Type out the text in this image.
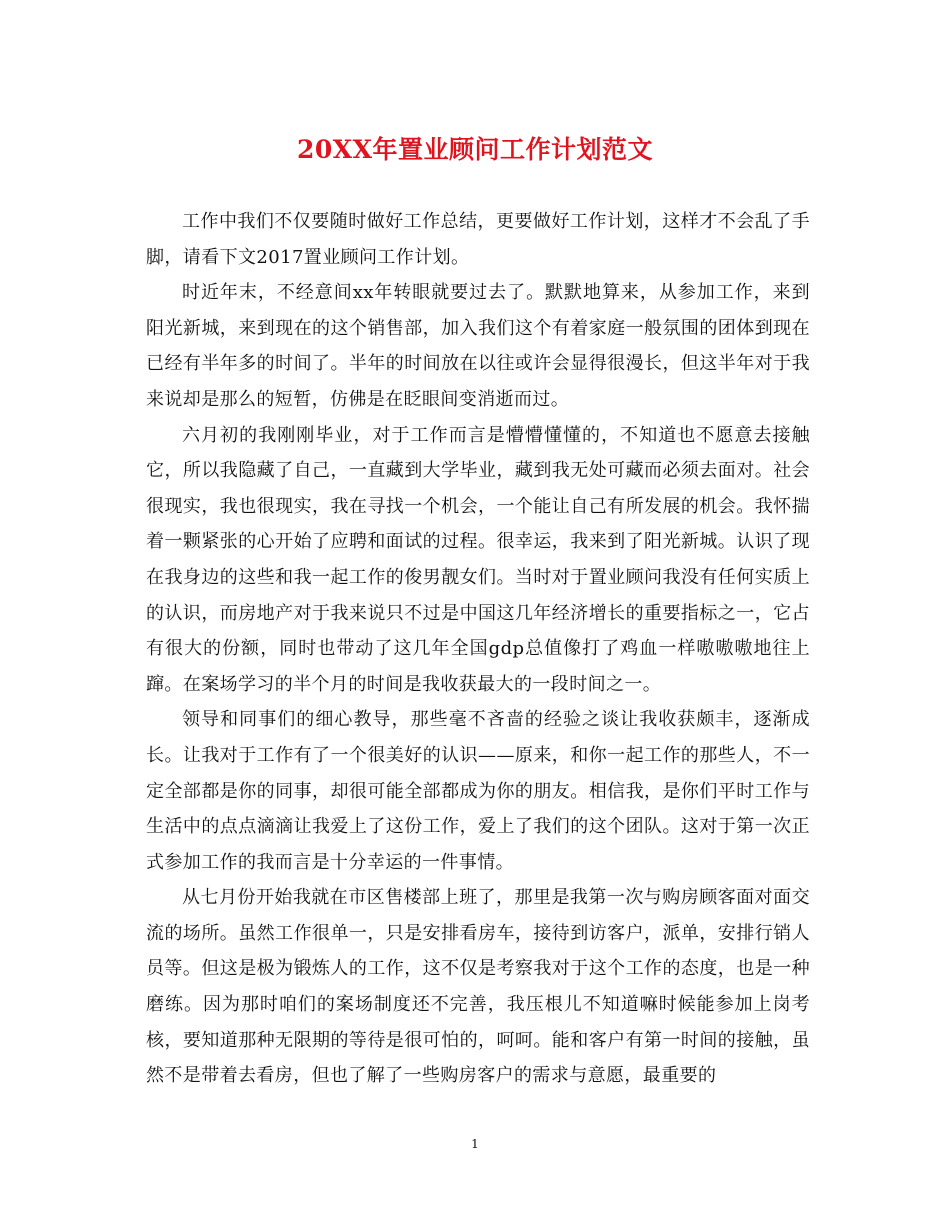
20XX年置业顾问工作计划范文

工作中我们不仅要随时做好工作总结，更要做好工作计划，这样才不会乱了手脚，请看下文2017置业顾问工作计划。

时近年末，不经意间xx年转眼就要过去了。默默地算来，从参加工作，来到阳光新城，来到现在的这个销售部，加入我们这个有着家庭一般氛围的团体到现在已经有半年多的时间了。半年的时间放在以往或许会显得很漫长，但这半年对于我来说却是那么的短暂，仿佛是在眨眼间变消逝而过。

六月初的我刚刚毕业，对于工作而言是懵懵懂懂的，不知道也不愿意去接触它，所以我隐藏了自己，一直藏到大学毕业，藏到我无处可藏而必须去面对。社会很现实，我也很现实，我在寻找一个机会，一个能让自己有所发展的机会。我怀揣着一颗紧张的心开始了应聘和面试的过程。很幸运，我来到了阳光新城。认识了现在我身边的这些和我一起工作的俊男靓女们。当时对于置业顾问我没有任何实质上的认识，而房地产对于我来说只不过是中国这几年经济增长的重要指标之一，它占有很大的份额，同时也带动了这几年全国gdp总值像打了鸡血一样嗷嗷嗷地往上蹿。在案场学习的半个月的时间是我收获最大的一段时间之一。

领导和同事们的细心教导，那些毫不吝啬的经验之谈让我收获颇丰，逐渐成长。让我对于工作有了一个很美好的认识——原来，和你一起工作的那些人，不一定全部都是你的同事，却很可能全部都成为你的朋友。相信我，是你们平时工作与生活中的点点滴滴让我爱上了这份工作，爱上了我们的这个团队。这对于第一次正式参加工作的我而言是十分幸运的一件事情。

从七月份开始我就在市区售楼部上班了，那里是我第一次与购房顾客面对面交流的场所。虽然工作很单一，只是安排看房车，接待到访客户，派单，安排行销人员等。但这是极为锻炼人的工作，这不仅是考察我对于这个工作的态度，也是一种磨练。因为那时咱们的案场制度还不完善，我压根儿不知道嘛时候能参加上岗考核，要知道那种无限期的等待是很可怕的，呵呵。能和客户有第一时间的接触，虽然不是带着去看房，但也了解了一些购房客户的需求与意愿，最重要的

1
